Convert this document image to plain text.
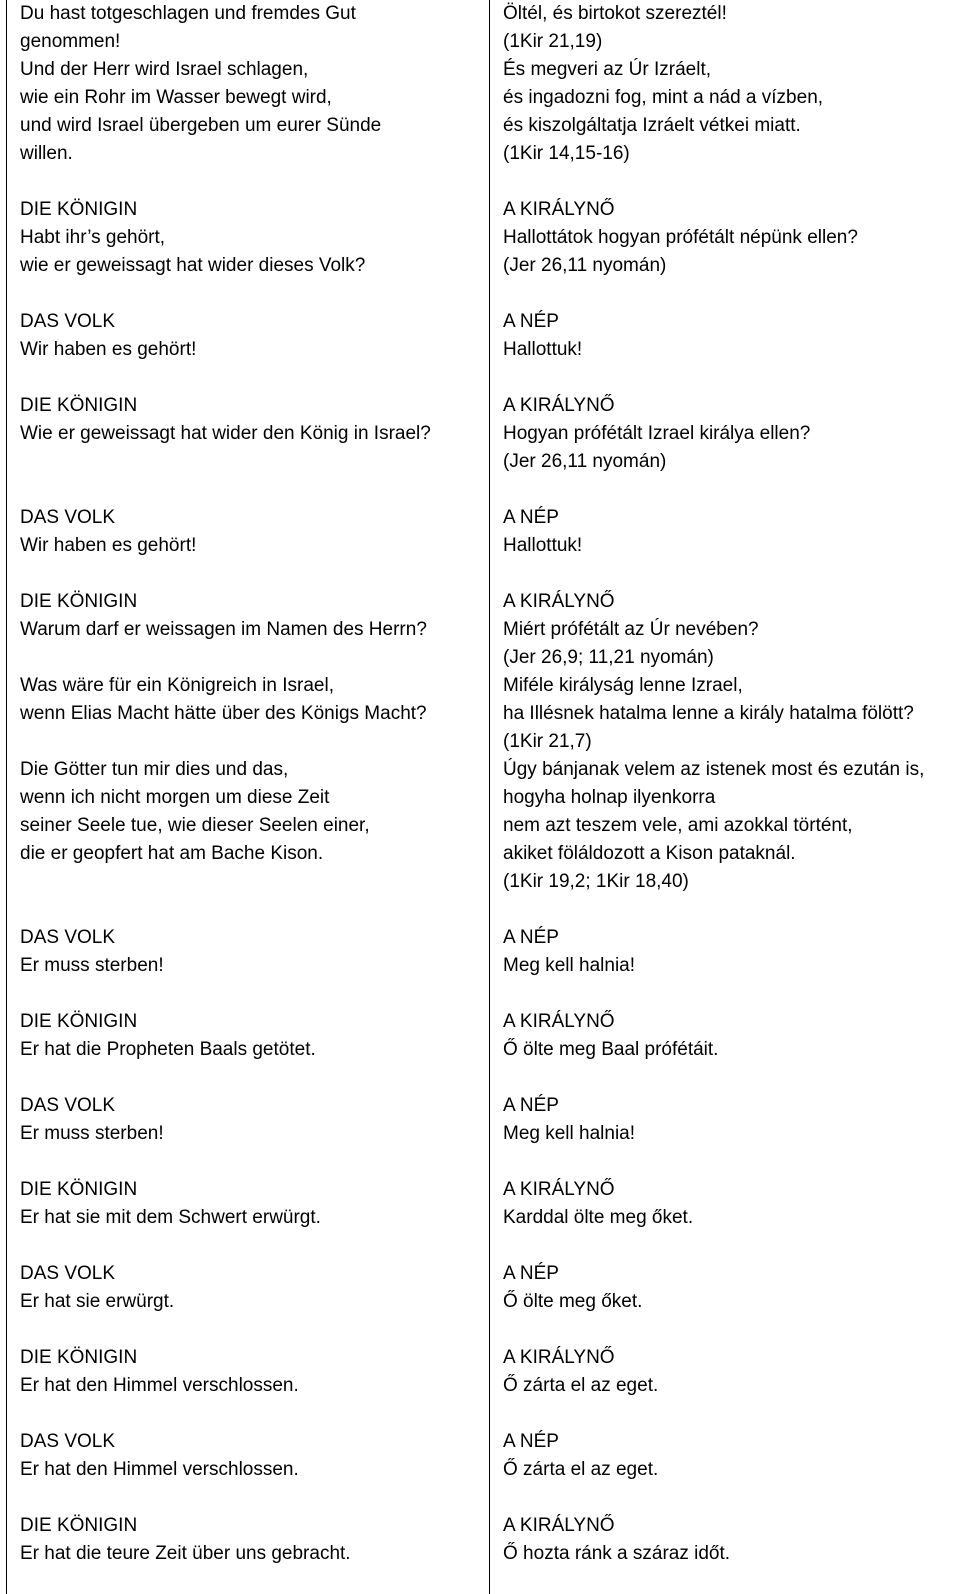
Du hast totgeschlagen und fremdes Gut
genommen!
Und der Herr wird Israel schlagen,
wie ein Rohr im Wasser bewegt wird,
und wird Israel übergeben um eurer Sünde
willen.
DIE KÖNIGIN
Habt ihr’s gehört,
wie er geweissagt hat wider dieses Volk?
DAS VOLK
Wir haben es gehört!
DIE KÖNIGIN
Wie er geweissagt hat wider den König in Israel?
DAS VOLK
Wir haben es gehört!
DIE KÖNIGIN
Warum darf er weissagen im Namen des Herrn?
Was wäre für ein Königreich in Israel,
wenn Elias Macht hätte über des Königs Macht?
Die Götter tun mir dies und das,
wenn ich nicht morgen um diese Zeit
seiner Seele tue, wie dieser Seelen einer,
die er geopfert hat am Bache Kison.
DAS VOLK
Er muss sterben!
DIE KÖNIGIN
Er hat die Propheten Baals getötet.
DAS VOLK
Er muss sterben!
DIE KÖNIGIN
Er hat sie mit dem Schwert erwürgt.
DAS VOLK
Er hat sie erwürgt.
DIE KÖNIGIN
Er hat den Himmel verschlossen.
DAS VOLK
Er hat den Himmel verschlossen.
DIE KÖNIGIN
Er hat die teure Zeit über uns gebracht.
Öltél, és birtokot szereztél!
(1Kir 21,19)
És megveri az Úr Izráelt,
és ingadozni fog, mint a nád a vízben,
és kiszolgáltatja Izráelt vétkei miatt.
(1Kir 14,15-16)
A KIRÁLYNŐ
Hallottátok hogyan prófétált népünk ellen?
(Jer 26,11 nyomán)
A NÉP
Hallottuk!
A KIRÁLYNŐ
Hogyan prófétált Izrael királya ellen?
(Jer 26,11 nyomán)
A NÉP
Hallottuk!
A KIRÁLYNŐ
Miért prófétált az Úr nevében?
(Jer 26,9; 11,21 nyomán)
Miféle királyság lenne Izrael,
ha Illésnek hatalma lenne a király hatalma fölött?
(1Kir 21,7)
Úgy bánjanak velem az istenek most és ezután is,
hogyha holnap ilyenkorra
nem azt teszem vele, ami azokkal történt,
akiket föláldozott a Kison pataknál.
(1Kir 19,2; 1Kir 18,40)
A NÉP
Meg kell halnia!
A KIRÁLYNŐ
Ő ölte meg Baal prófétáit.
A NÉP
Meg kell halnia!
A KIRÁLYNŐ
Karddal ölte meg őket.
A NÉP
Ő ölte meg őket.
A KIRÁLYNŐ
Ő zárta el az eget.
A NÉP
Ő zárta el az eget.
A KIRÁLYNŐ
Ő hozta ránk a száraz időt.
